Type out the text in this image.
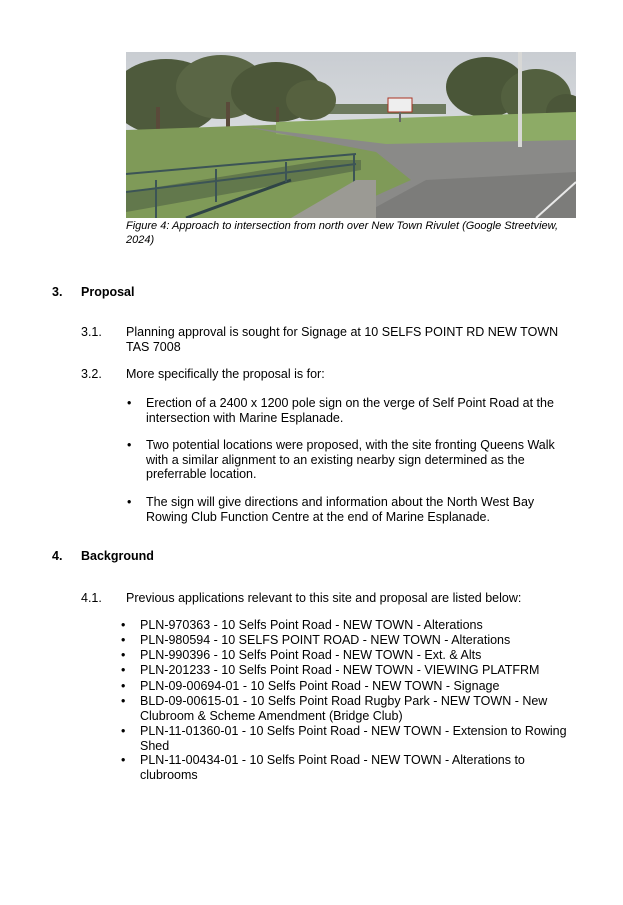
Figure 4: Approach to intersection from north over New Town Rivulet (Google Streetview, 2024)
3. Proposal
3.1. Planning approval is sought for Signage at 10 SELFS POINT RD NEW TOWN TAS 7008
3.2. More specifically the proposal is for:
• Erection of a 2400 x 1200 pole sign on the verge of Self Point Road at the intersection with Marine Esplanade.
• Two potential locations were proposed, with the site fronting Queens Walk with a similar alignment to an existing nearby sign determined as the preferrable location.
• The sign will give directions and information about the North West Bay Rowing Club Function Centre at the end of Marine Esplanade.
4. Background
4.1. Previous applications relevant to this site and proposal are listed below:
• PLN-970363 - 10 Selfs Point Road - NEW TOWN - Alterations
• PLN-980594 - 10 SELFS POINT ROAD - NEW TOWN - Alterations
• PLN-990396 - 10 Selfs Point Road - NEW TOWN - Ext. & Alts
• PLN-201233 - 10 Selfs Point Road - NEW TOWN - VIEWING PLATFRM
• PLN-09-00694-01 - 10 Selfs Point Road - NEW TOWN - Signage
• BLD-09-00615-01 - 10 Selfs Point Road Rugby Park - NEW TOWN - New Clubroom & Scheme Amendment (Bridge Club)
• PLN-11-01360-01 - 10 Selfs Point Road - NEW TOWN - Extension to Rowing Shed
• PLN-11-00434-01 - 10 Selfs Point Road - NEW TOWN - Alterations to clubrooms
